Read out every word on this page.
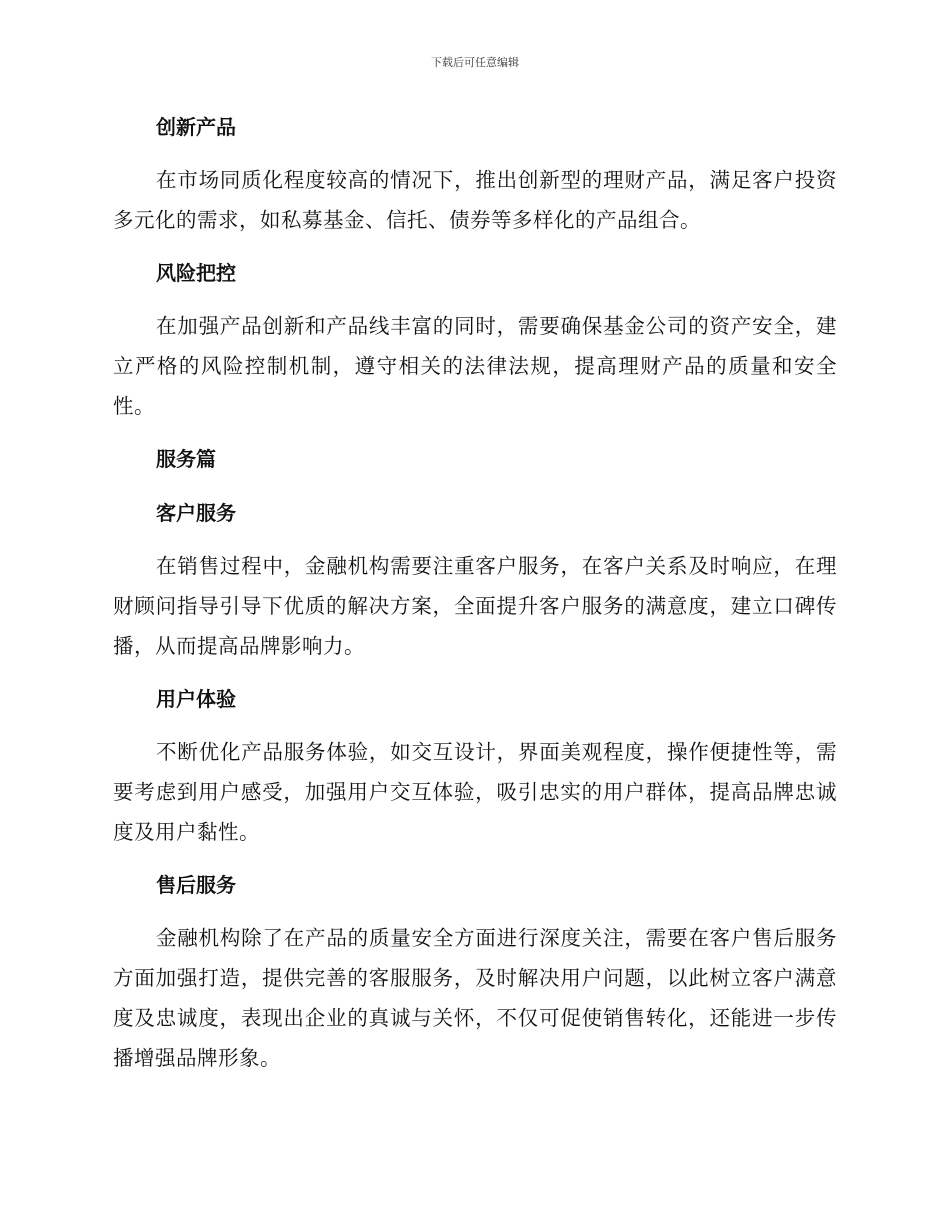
下载后可任意编辑
创新产品

在市场同质化程度较高的情况下，推出创新型的理财产品，满足客户投资多元化的需求，如私募基金、信托、债券等多样化的产品组合。

风险把控

在加强产品创新和产品线丰富的同时，需要确保基金公司的资产安全，建立严格的风险控制机制，遵守相关的法律法规，提高理财产品的质量和安全性。

服务篇
客户服务

在销售过程中，金融机构需要注重客户服务，在客户关系及时响应，在理财顾问指导引导下优质的解决方案，全面提升客户服务的满意度，建立口碑传播，从而提高品牌影响力。

用户体验

不断优化产品服务体验，如交互设计，界面美观程度，操作便捷性等，需要考虑到用户感受，加强用户交互体验，吸引忠实的用户群体，提高品牌忠诚度及用户黏性。

售后服务

金融机构除了在产品的质量安全方面进行深度关注，需要在客户售后服务方面加强打造，提供完善的客服服务，及时解决用户问题，以此树立客户满意度及忠诚度，表现出企业的真诚与关怀，不仅可促使销售转化，还能进一步传播增强品牌形象。
